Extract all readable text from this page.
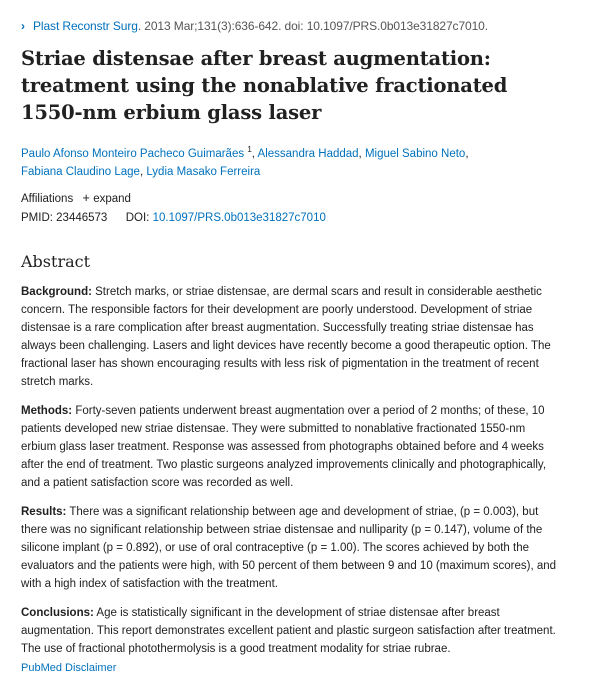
› Plast Reconstr Surg. 2013 Mar;131(3):636-642. doi: 10.1097/PRS.0b013e31827c7010.
Striae distensae after breast augmentation: treatment using the nonablative fractionated 1550-nm erbium glass laser
Paulo Afonso Monteiro Pacheco Guimarães $^1$, Alessandra Haddad, Miguel Sabino Neto,
Fabiana Claudino Lage, Lydia Masako Ferreira
Affiliations + expand
PMID: 23446573 DOI: 10.1097/PRS.0b013e31827c7010
Abstract

Background: Stretch marks, or striae distensae, are dermal scars and result in considerable aesthetic concern. The responsible factors for their development are poorly understood. Development of striae distensae is a rare complication after breast augmentation. Successfully treating striae distensae has always been challenging. Lasers and light devices have recently become a good therapeutic option. The fractional laser has shown encouraging results with less risk of pigmentation in the treatment of recent stretch marks.

Methods: Forty-seven patients underwent breast augmentation over a period of 2 months; of these, 10 patients developed new striae distensae. They were submitted to nonablative fractionated 1550-nm erbium glass laser treatment. Response was assessed from photographs obtained before and 4 weeks after the end of treatment. Two plastic surgeons analyzed improvements clinically and photographically, and a patient satisfaction score was recorded as well.

Results: There was a significant relationship between age and development of striae, (p = 0.003), but there was no significant relationship between striae distensae and nulliparity (p = 0.147), volume of the silicone implant (p = 0.892), or use of oral contraceptive (p = 1.00). The scores achieved by both the evaluators and the patients were high, with 50 percent of them between 9 and 10 (maximum scores), and with a high index of satisfaction with the treatment.

Conclusions: Age is statistically significant in the development of striae distensae after breast augmentation. This report demonstrates excellent patient and plastic surgeon satisfaction after treatment. The use of fractional photothermolysis is a good treatment modality for striae rubrae.

PubMed Disclaimer
